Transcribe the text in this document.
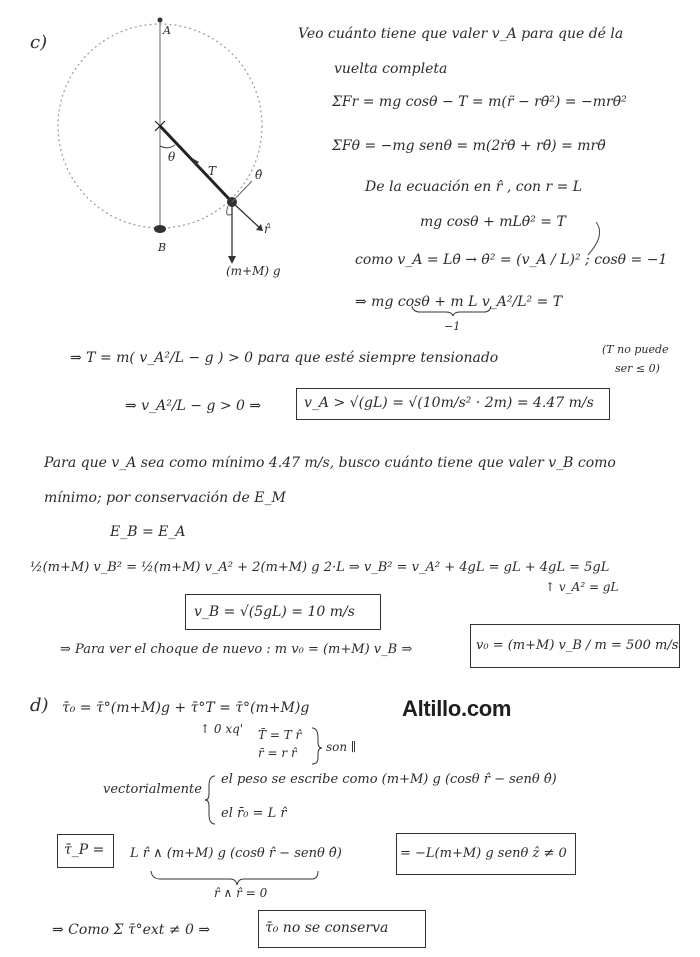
c)
A
B
θ
T	θ̂
r̂
(m+M) g
Veo cuánto tiene que valer v_A para que dé la
vuelta completa
ΣFr = mg cosθ − T = m(r̈ − rθ̇²) = −mrθ̇²
ΣFθ = −mg senθ = m(2ṙθ̇ + rθ̈) = mrθ̈
De la ecuación en r̂ , con r = L
mg cosθ + mLθ̇² = T
como v_A = Lθ̇ → θ̇² = (v_A / L)² ; cosθ = −1
⇒ mg cosθ + m L v_A²/L² = T
−1
⇒ T = m( v_A²/L − g ) > 0 para que esté siempre tensionado
(T no puede
ser ≤ 0)
⇒ v_A²/L − g > 0 ⇒	v_A > √(gL) = √(10m/s² · 2m) = 4.47 m/s
Para que v_A sea como mínimo 4.47 m/s, busco cuánto tiene que valer v_B como
mínimo; por conservación de E_M
E_B = E_A
½(m+M) v_B² = ½(m+M) v_A² + 2(m+M) g 2·L ⇒ v_B² = v_A² + 4gL = gL + 4gL = 5gL
↑ v_A² = gL
v_B = √(5gL) = 10 m/s
⇒ Para ver el choque de nuevo : m v₀ = (m+M) v_B ⇒	v₀ = (m+M) v_B / m = 500 m/s
d) τ̄₀ = τ̄°(m+M)g + τ̄°T = τ̄°(m+M)g
↑ 0 xq' T̄ = T r̂
r̄ = r r̂ son ∥
vectorialmente
el peso se escribe como (m+M) g (cosθ r̂ − senθ θ̂)
el r̄₀ = L r̂
τ̄_P = L r̂ ∧ (m+M) g (cosθ r̂ − senθ θ̂)	= −L(m+M) g senθ ẑ ≠ 0
r̂ ∧ r̂ = 0
⇒ Como Σ τ̄°ext ≠ 0 ⇒	τ̄₀ no se conserva
Altillo.com
